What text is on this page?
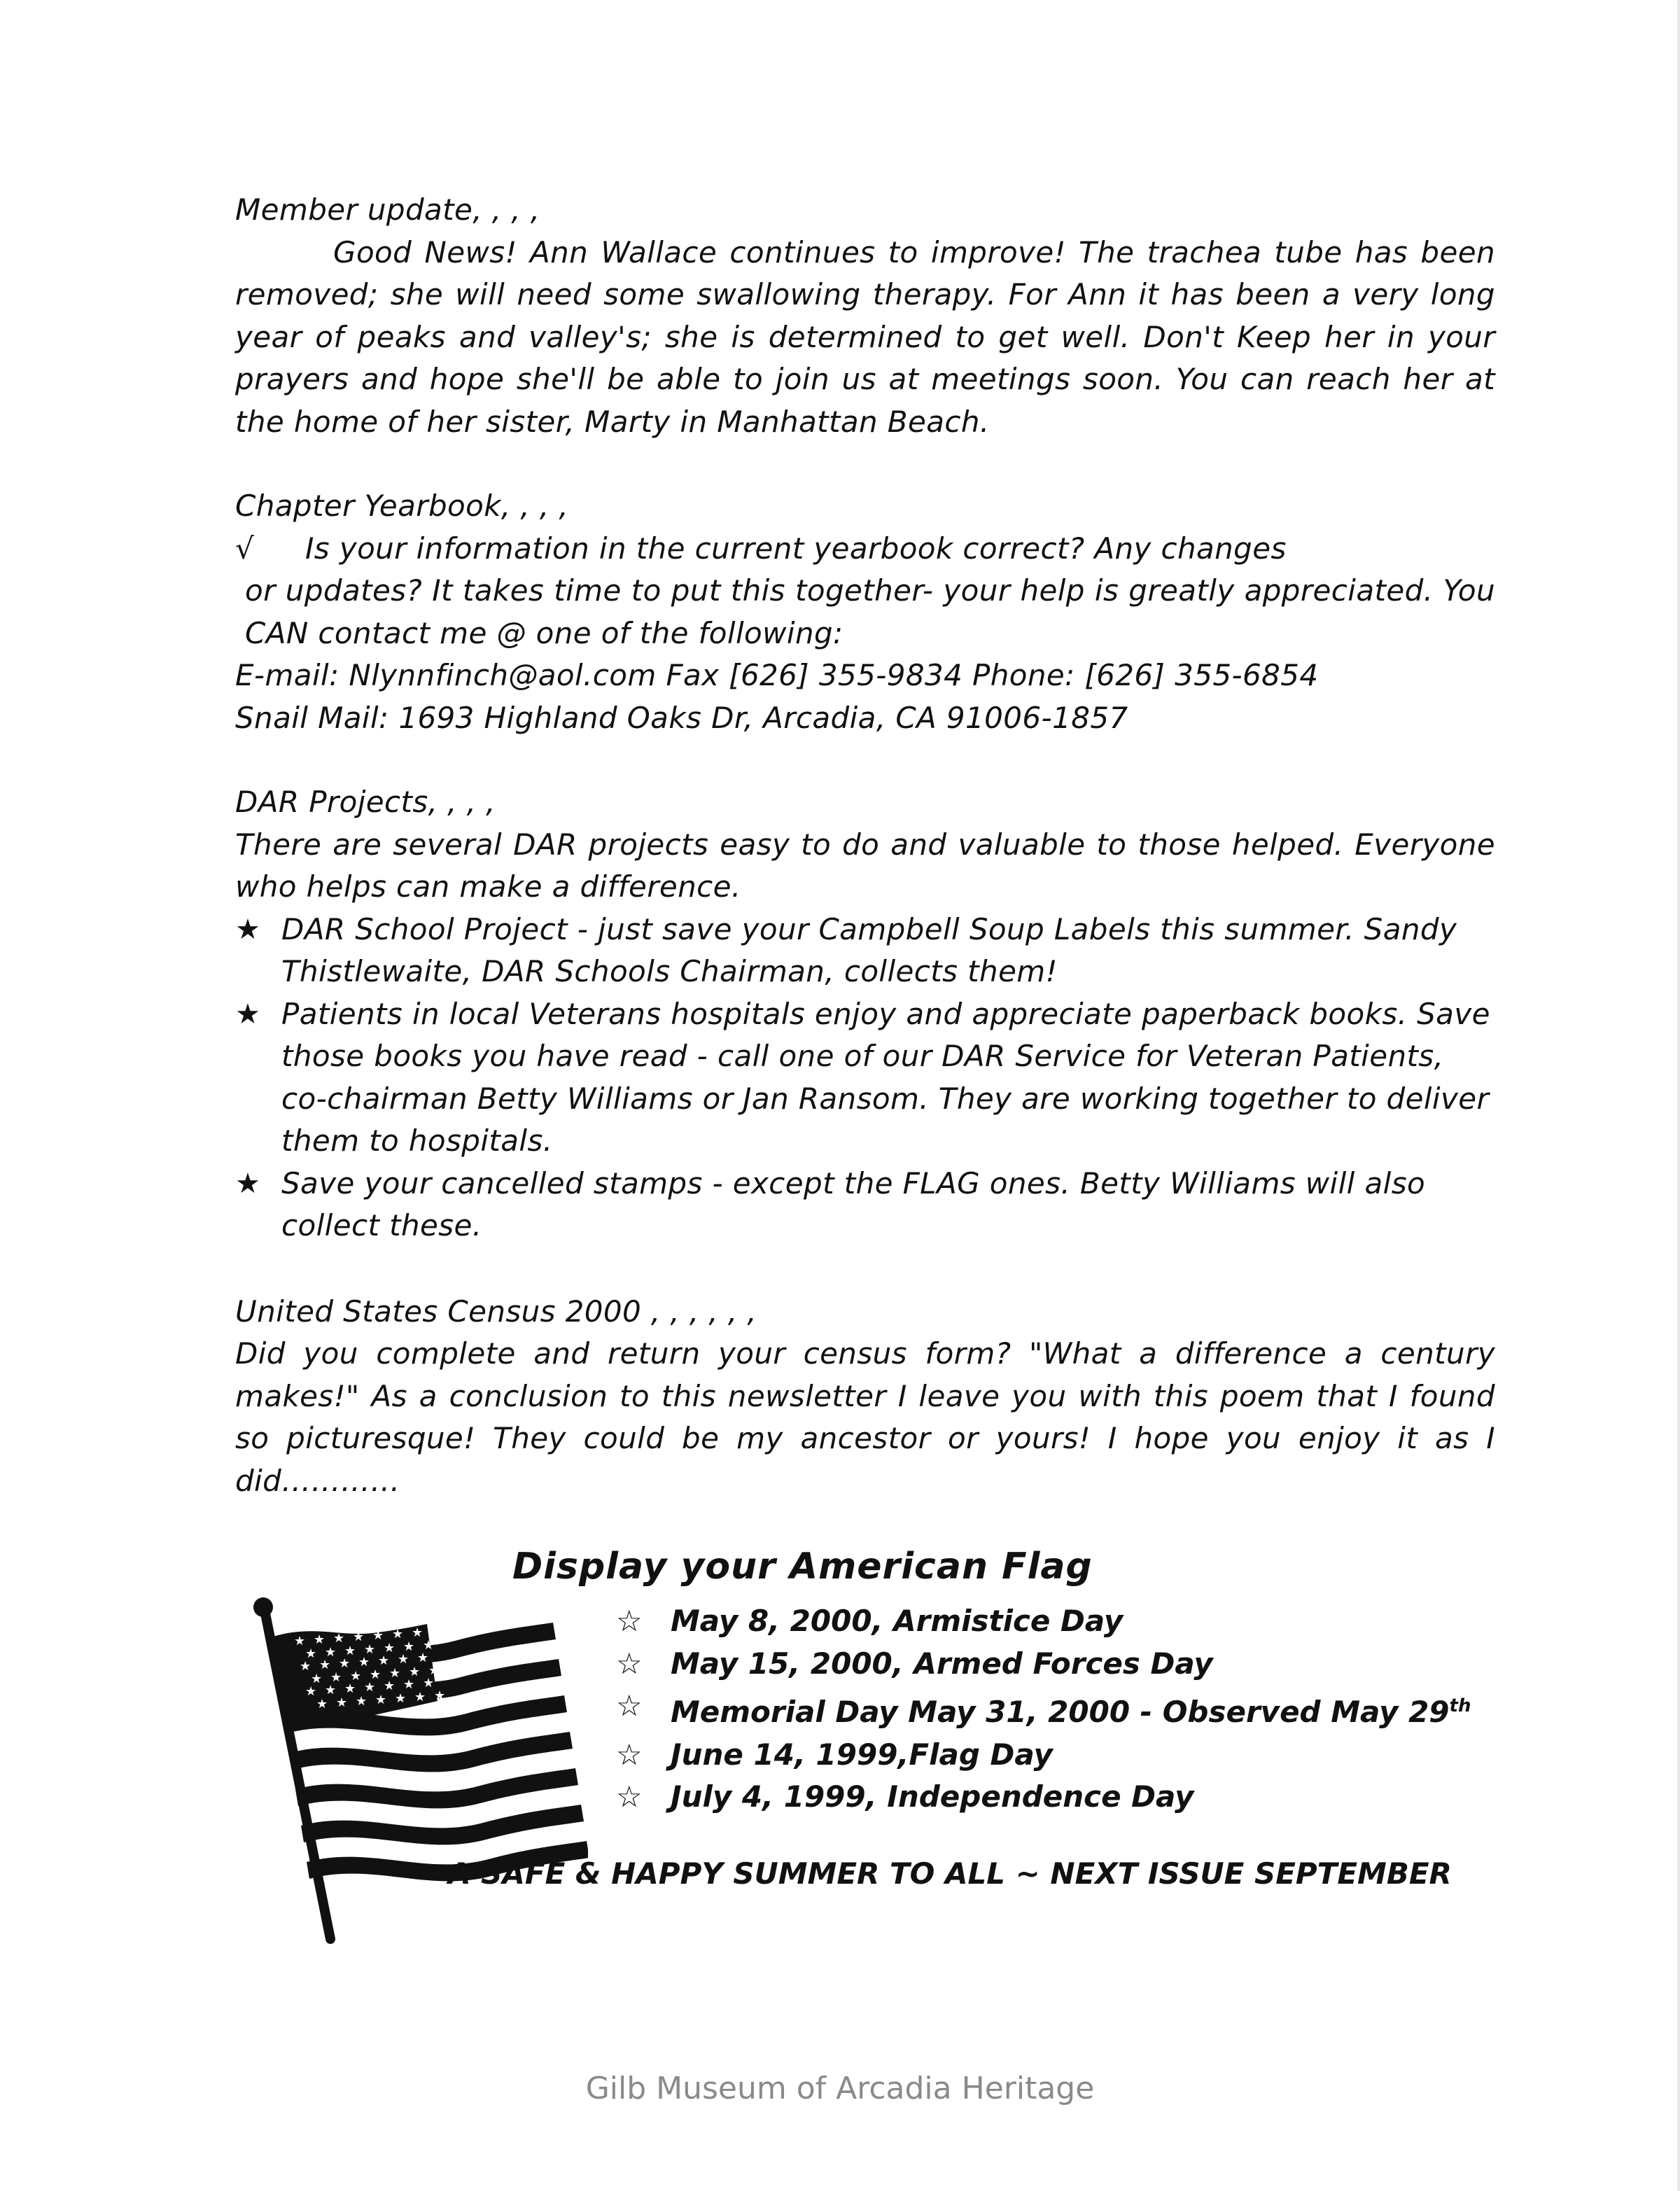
Member update, , , ,

Good News! Ann Wallace continues to improve! The trachea tube has been removed; she will need some swallowing therapy. For Ann it has been a very long year of peaks and valley's; she is determined to get well. Don't Keep her in your prayers and hope she'll be able to join us at meetings soon. You can reach her at the home of her sister, Marty in Manhattan Beach.

Chapter Yearbook, , , ,

√	Is your information in the current yearbook correct? Any changes

or updates? It takes time to put this together- your help is greatly appreciated. You CAN contact me @ one of the following:

E-mail: Nlynnfinch@aol.com Fax [626] 355-9834 Phone: [626] 355-6854

Snail Mail: 1693 Highland Oaks Dr, Arcadia, CA 91006-1857

DAR Projects, , , ,

There are several DAR projects easy to do and valuable to those helped. Everyone who helps can make a difference.

★ DAR School Project - just save your Campbell Soup Labels this summer. Sandy Thistlewaite, DAR Schools Chairman, collects them!
★ Patients in local Veterans hospitals enjoy and appreciate paperback books. Save those books you have read - call one of our DAR Service for Veteran Patients, co-chairman Betty Williams or Jan Ransom. They are working together to deliver them to hospitals.
★ Save your cancelled stamps - except the FLAG ones. Betty Williams will also collect these.

United States Census 2000 , , , , , ,

Did you complete and return your census form? "What a difference a century makes!" As a conclusion to this newsletter I leave you with this poem that I found so picturesque! They could be my ancestor or yours! I hope you enjoy it as I did…………

Display your American Flag
★ ★ ★ ★ ★ ★ ★
★ ★ ★ ★ ★ ★ ★
★ ★ ★ ★ ★ ★ ★
★ ★ ★ ★ ★ ★ ★
★ ★ ★ ★ ★ ★ ★
★ ★ ★ ★ ★ ★ ★
☆ May 8, 2000, Armistice Day
☆ May 15, 2000, Armed Forces Day
☆ Memorial Day May 31, 2000 - Observed May 29th
☆ June 14, 1999,Flag Day
☆ July 4, 1999, Independence Day
A SAFE & HAPPY SUMMER TO ALL ~ NEXT ISSUE SEPTEMBER
Gilb Museum of Arcadia Heritage
